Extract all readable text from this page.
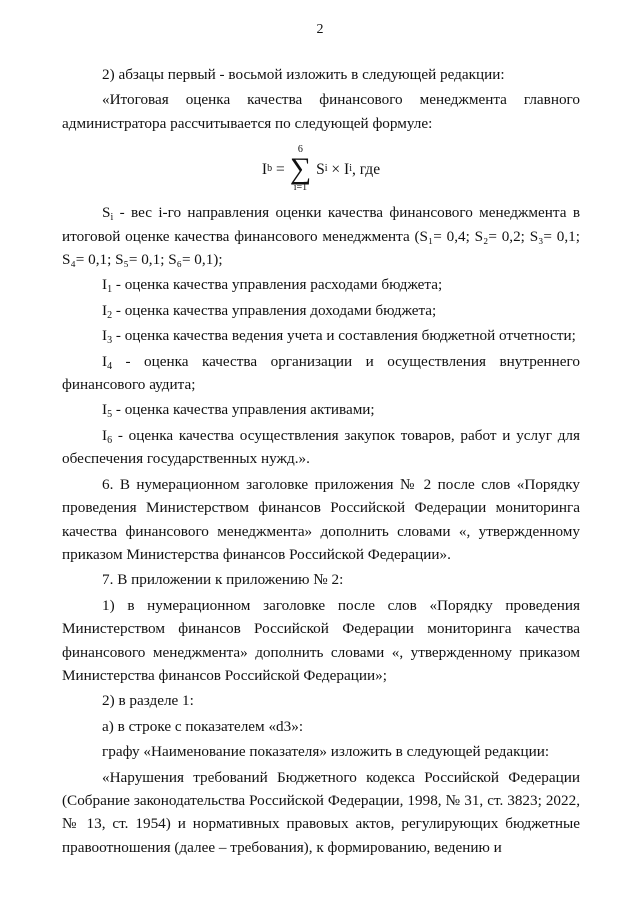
2

2) абзацы первый - восьмой изложить в следующей редакции:

«Итоговая оценка качества финансового менеджмента главного администратора рассчитывается по следующей формуле:

I b
=
6
∑
i=1
S i
×
I i , где

$S_i$ - вес i-го направления оценки качества финансового менеджмента в итоговой оценке качества финансового менеджмента (S₁= 0,4; S₂= 0,2; S₃= 0,1; S₄= 0,1; S₅= 0,1; S₆= 0,1);

$I_1$ - оценка качества управления расходами бюджета;

$I_2$ - оценка качества управления доходами бюджета;

$I_3$ - оценка качества ведения учета и составления бюджетной отчетности;

$I_4$ - оценка качества организации и осуществления внутреннего финансового аудита;

$I_5$ - оценка качества управления активами;

$I_6$ - оценка качества осуществления закупок товаров, работ и услуг для обеспечения государственных нужд.».

6. В нумерационном заголовке приложения № 2 после слов «Порядку проведения Министерством финансов Российской Федерации мониторинга качества финансового менеджмента» дополнить словами «, утвержденному приказом Министерства финансов Российской Федерации».

7. В приложении к приложению № 2:

1) в нумерационном заголовке после слов «Порядку проведения Министерством финансов Российской Федерации мониторинга качества финансового менеджмента» дополнить словами «, утвержденному приказом Министерства финансов Российской Федерации»;

2) в разделе 1:

а) в строке с показателем «d3»:

графу «Наименование показателя» изложить в следующей редакции:

«Нарушения требований Бюджетного кодекса Российской Федерации (Собрание законодательства Российской Федерации, 1998, № 31, ст. 3823; 2022, № 13, ст. 1954) и нормативных правовых актов, регулирующих бюджетные правоотношения (далее – требования), к формированию, ведению и
